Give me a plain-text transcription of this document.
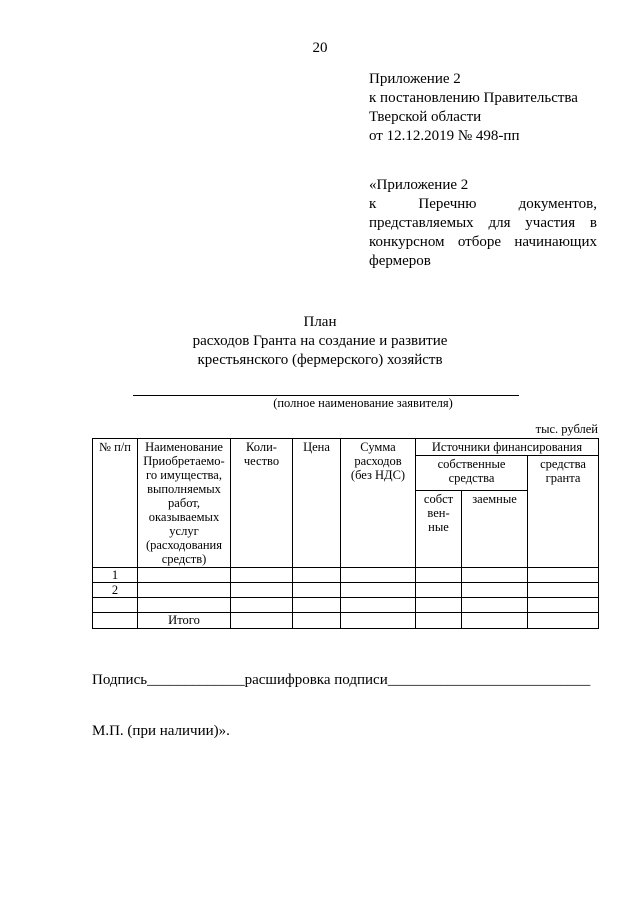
20
Приложение 2
к постановлению Правительства
Тверской области
от 12.12.2019 № 498-пп
«Приложение 2
к Перечню документов,
представляемых для участия в
конкурсном отборе начинающих
фермеров
План
расходов Гранта на создание и развитие
крестьянского (фермерского) хозяйств
(полное наименование заявителя)
тыс. рублей
№ п/п	Наименование Приобретаемо-го имущества, выполняемых работ, оказываемых услуг (расходования средств)	Коли-чество	Цена	Сумма расходов (без НДС)	Источники финансирования		
					собственные средства		средства гранта
					собст вен-ные	заемные	
1							
2							

	Итого						
Подпись_____________расшифровка подписи___________________________
М.П. (при наличии)».
